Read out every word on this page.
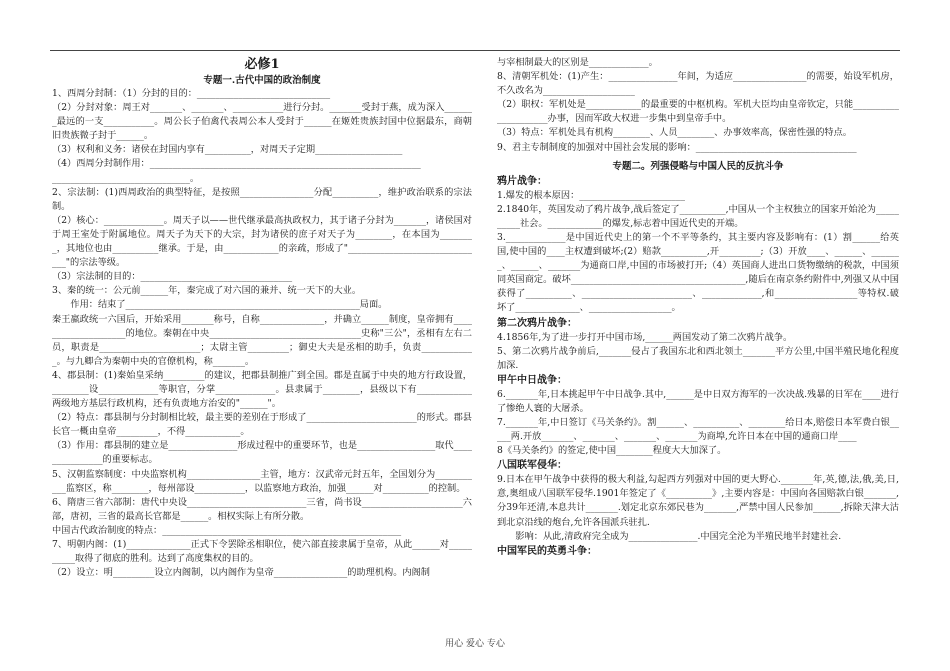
必修1
专题一.古代中国的政治制度

1、西周分封制：（1）分封的目的：_____________________________

（2）分封对象：周王对_______、_______、___________进行分封。_______受封于燕，成为深入_______最远的一支___________。周公长子伯禽代表周公本人受封于______在姬姓贵族封国中位据最东，商朝旧贵族微子封于______。

（3）权利和义务：诸侯在封国内享有__________，对周天子定期___________________

（4）西周分封制作用：___________________________________________________________

______________________________。

2、宗法制：(1)西周政治的典型特征，是按照________________分配__________，维护政治联系的宗法制。

（2）核心：_____________。周天子以——世代继承最高执政权力，其于诸子分封为_______，诸侯国对于周王室处于附属地位。周天子为天下的大宗，封为诸侯的庶子对天子为________，在本国为________，其地位也由__________继承。于是，由____________的亲疏，形成了"______________________________"的宗法等级。

（3）宗法制的目的：_________________________________

3、秦的统一：公元前______年，秦完成了对六国的兼并、统一天下的大业。

作用：结束了___________________________________________________局面。

秦王嬴政统一六国后，开始采用_______称号，自称______________，并确立______制度，皇帝拥有____________________的地位。秦朝在中央_________________________________史称"三公"，丞相有左右二员，职责是______________________；太尉主管_________；御史大夫是丞相的助手，负责____________。与九卿合为秦朝中央的官僚机构，称_______。

4、郡县制：(1)秦始皇采纳_________的建议，把郡县制推广到全国。郡是直属于中央的地方行政设置，________设_____________等职官，分掌_____________。县隶属于________，县级以下有____________两级地方基层行政机构，还有负责地方治安的"______"。

（2）特点：郡县制与分封制相比较，最主要的差别在于形成了________________________的形式。郡县长官一概由皇帝_________，不得____________。

（3）作用：郡县制的建立是_______________形成过程中的重要环节，也是_________________取代_______________的重要标志。

5、汉朝监察制度：中央监察机构________________主管，地方：汉武帝元封五年，全国划分为___________监察区，称________，每州部设___________，以监察地方政治，加强______对__________的控制。

6、隋唐三省六部制：唐代中央设__________________________三省，尚书设______________________六部，唐初，三省的最高长官都是______。相权实际上有所分散。

中国古代政治制度的特点：____________________________________________________

7、明朝内阁：(1)______________正式下令罢除丞相职位，使六部直接隶属于皇帝，从此______对__________取得了彻底的胜利。达到了高度集权的目的。

（2）设立：明_________设立内阁制，以内阁作为皇帝________________的助理机构。内阁制

与宰相制最大的区别是_____________。

8、清朝军机处：(1)产生：_______________年间，为适应________________的需要，始设军机房，不久改名为____________________

（2）职权：军机处是____________的最重要的中枢机构。军机大臣均由皇帝钦定，只能_____________________办事，因而军政大权进一步集中到皇帝手中。

（3）特点：军机处具有机构________、人员________、办事效率高，保密性强的特点。

9、君主专制制度的加强对中国社会发展的影响：___________________________________

专题二。列强侵略与中国人民的反抗斗争
鸦片战争：

1.爆发的根本原因：_______________________

2.1840年，英国发动了鸦片战争,战后签定了__________,中国从一个主权独立的国家开始沦为__________社会。____________的爆发,标志着中国近代史的开端。

3._____________是中国近代史上的第一个不平等条约，其主要内容及影响有：(1）割______给英国,使中国的____主权遭到破坏;(2）赔款__________,开_________;（3）开放____、______、_______、______、_______为通商口岸,中国的市场被打开;（4）英国商人进出口货物缴纳的税款，中国须同英国商定。破坏______________________________________,随后在南京条约附件中,列强又从中国获得了__________、________________________、_____________,和__________________等特权.破坏了______________、__________________。

第二次鸦片战争：

4.1856年,为了进一步打开中国市场,______两国发动了第二次鸦片战争。

5、第二次鸦片战争前后,_______侵占了我国东北和西北领土_______平方公里,中国半殖民地化程度加深.

甲午中日战争：

6._______年,日本挑起甲午中日战争.其中,______是中日双方海军的一次决战.残暴的日军在____进行了惨绝人寰的大屠杀。

7._______年,中日签订《马关条约》。割______、__________、________给日本,赔偿日本军费白银_____两.开放_______、_______、_______、_______为商埠,允许日本在中国的通商口岸____

8《马关条约》的签定,使中国________程度大大加深了。

八国联军侵华：

9.日本在甲午战争中获得的极大利益,勾起西方列强对中国的更大野心._______年,英,德,法,俄,美,日,意,奥组成八国联军侵华.1901年签定了《__________》,主要内容是：中国向各国赔款白银_______,分39年还清,本息共计_______.划定北京东郊民巷为_______,严禁中国人民参加______,拆除天津大沽到北京沿线的炮台,允许各国派兵驻扎.

影响：从此,清政府完全成为_______________.中国完全沦为半殖民地半封建社会.

中国军民的英勇斗争：
用心 爱心 专心
